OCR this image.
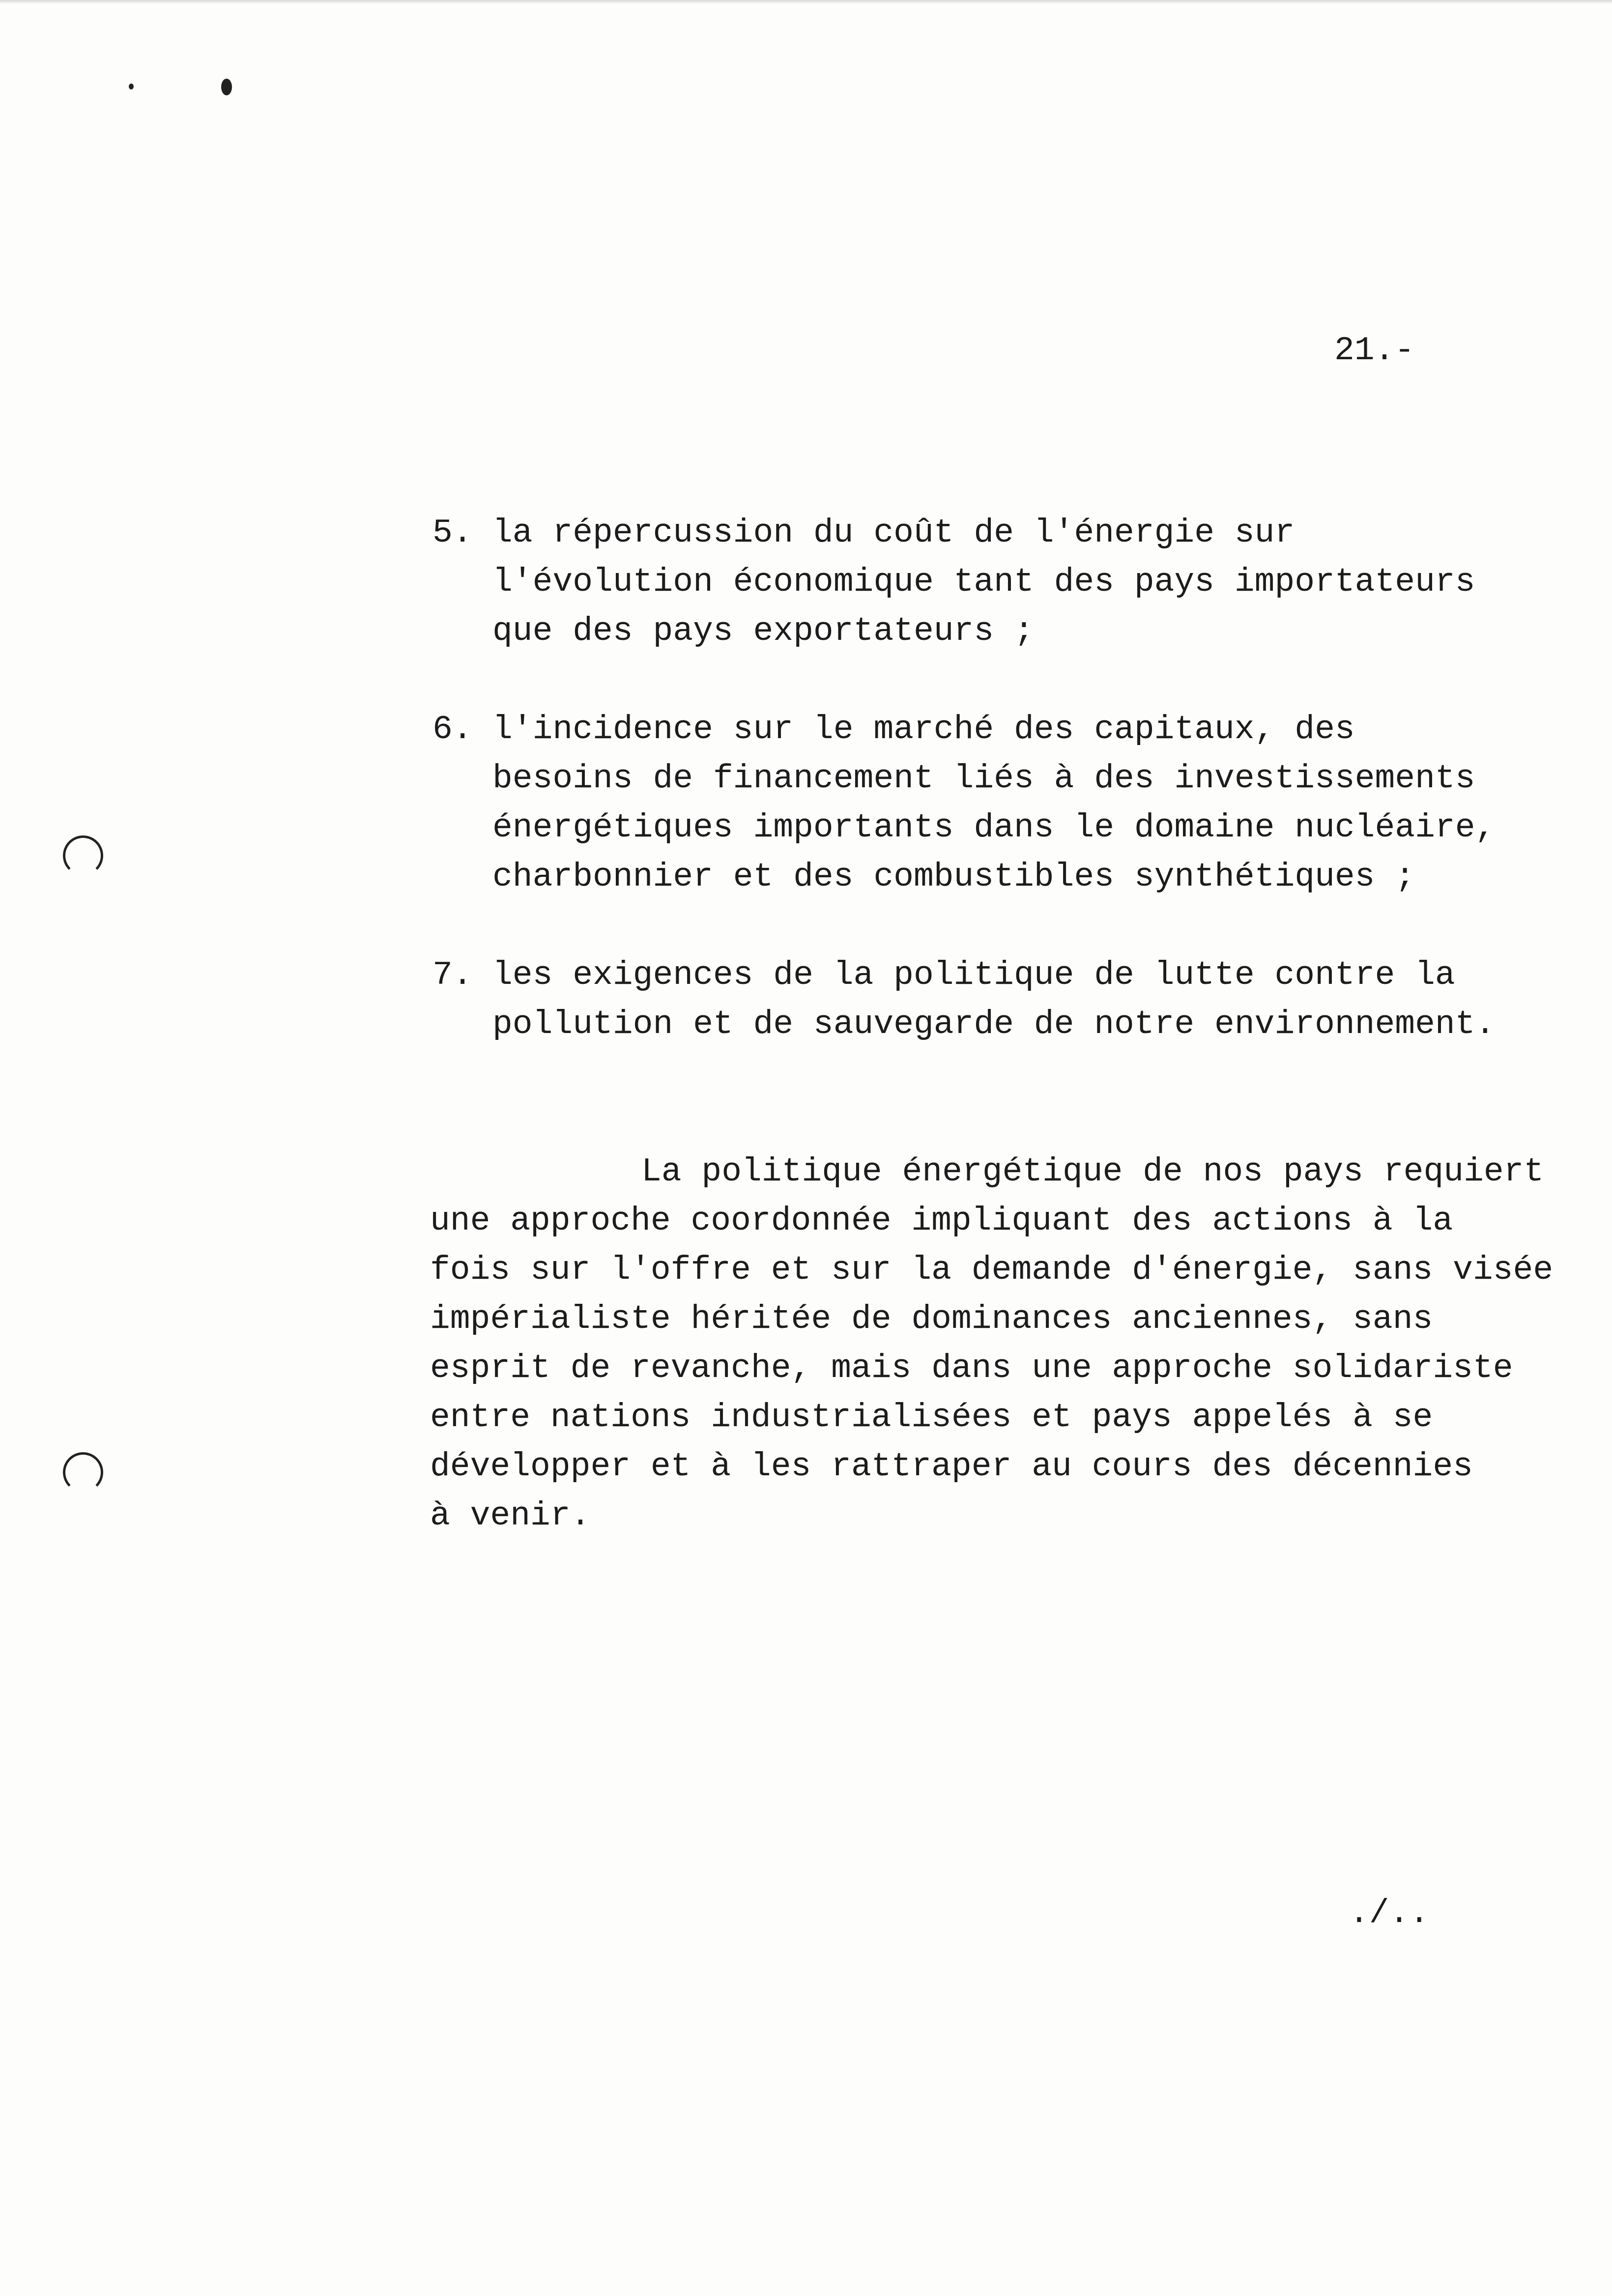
21.-
5. la répercussion du coût de l'énergie sur
l'évolution économique tant des pays importateurs
que des pays exportateurs ;
6. l'incidence sur le marché des capitaux, des
besoins de financement liés à des investissements
énergétiques importants dans le domaine nucléaire,
charbonnier et des combustibles synthétiques ;
7. les exigences de la politique de lutte contre la
pollution et de sauvegarde de notre environnement.
La politique énergétique de nos pays requiert
une approche coordonnée impliquant des actions à la
fois sur l'offre et sur la demande d'énergie, sans visée
impérialiste héritée de dominances anciennes, sans
esprit de revanche, mais dans une approche solidariste
entre nations industrialisées et pays appelés à se
développer et à les rattraper au cours des décennies
à venir.
./..
